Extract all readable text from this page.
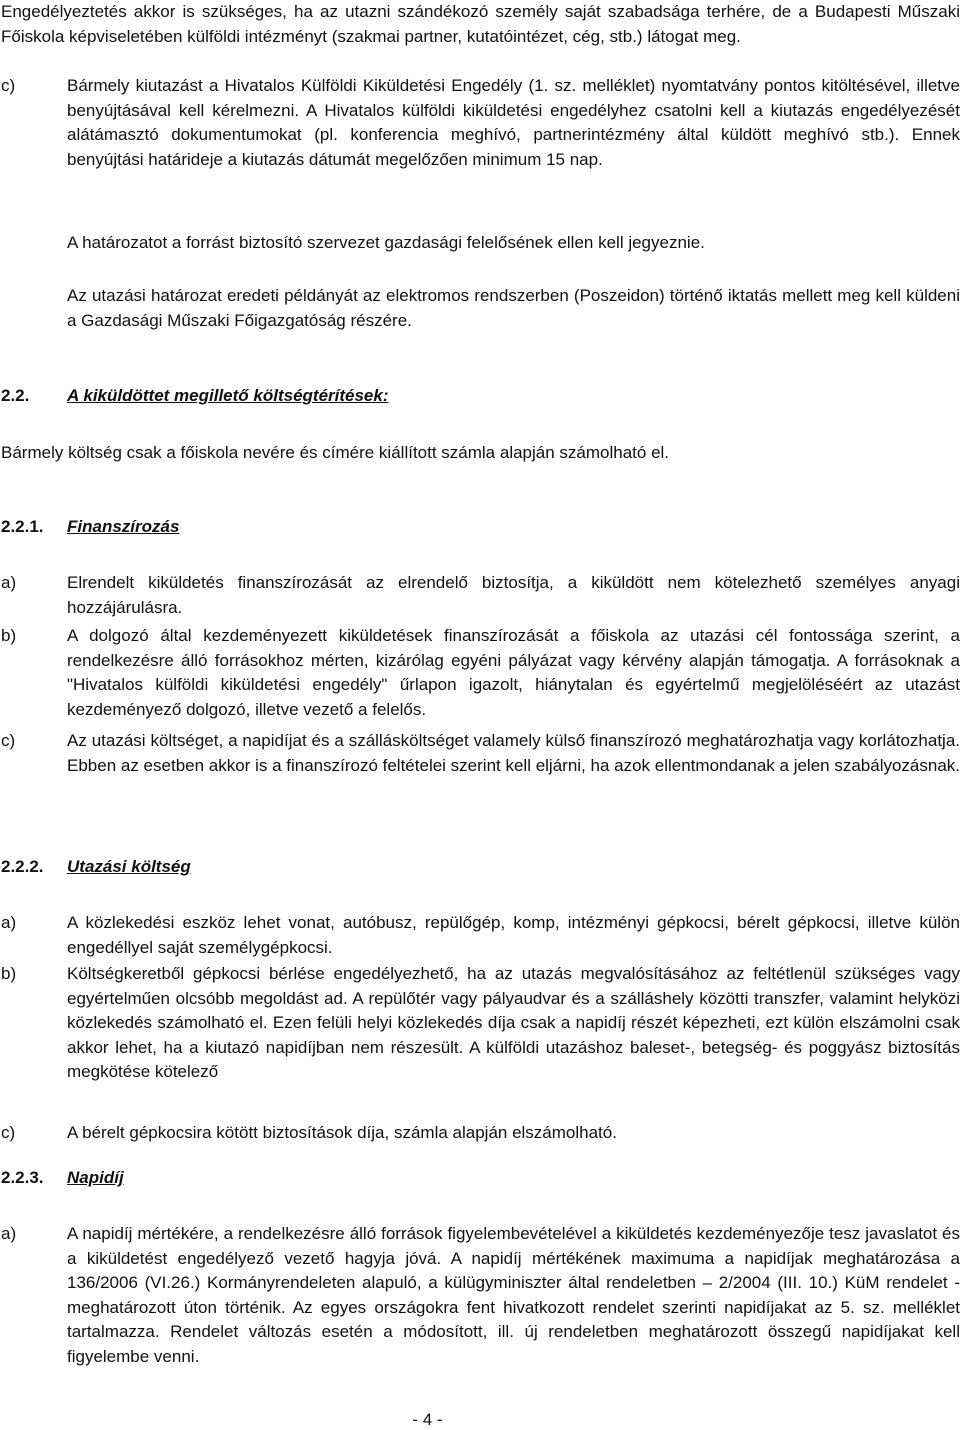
Engedélyeztetés akkor is szükséges, ha az utazni szándékozó személy saját szabadsága terhére, de a Budapesti Műszaki Főiskola képviseletében külföldi intézményt (szakmai partner, kutatóintézet, cég, stb.) látogat meg.

c)	Bármely kiutazást a Hivatalos Külföldi Kiküldetési Engedély (1. sz. melléklet) nyomtatvány pontos kitöltésével, illetve benyújtásával kell kérelmezni. A Hivatalos külföldi kiküldetési engedélyhez csatolni kell a kiutazás engedélyezését alátámasztó dokumentumokat (pl. konferencia meghívó, partnerintézmény által küldött meghívó stb.). Ennek benyújtási határideje a kiutazás dátumát megelőzően minimum 15 nap.

A határozatot a forrást biztosító szervezet gazdasági felelősének ellen kell jegyeznie.

Az utazási határozat eredeti példányát az elektromos rendszerben (Poszeidon) történő iktatás mellett meg kell küldeni a Gazdasági Műszaki Főigazgatóság részére.

2.2. A kiküldöttet megillető költségtérítések:

Bármely költség csak a főiskola nevére és címére kiállított számla alapján számolható el.

2.2.1. Finanszírozás
a)	Elrendelt kiküldetés finanszírozását az elrendelő biztosítja, a kiküldött nem kötelezhető személyes anyagi hozzájárulásra.
b)	A dolgozó által kezdeményezett kiküldetések finanszírozását a főiskola az utazási cél fontossága szerint, a rendelkezésre álló forrásokhoz mérten, kizárólag egyéni pályázat vagy kérvény alapján támogatja. A forrásoknak a "Hivatalos külföldi kiküldetési engedély" űrlapon igazolt, hiánytalan és egyértelmű megjelöléséért az utazást kezdeményező dolgozó, illetve vezető a felelős.
c)	Az utazási költséget, a napidíjat és a szállásköltséget valamely külső finanszírozó meghatározhatja vagy korlátozhatja. Ebben az esetben akkor is a finanszírozó feltételei szerint kell eljárni, ha azok ellentmondanak a jelen szabályozásnak.
2.2.2. Utazási költség
a)	A közlekedési eszköz lehet vonat, autóbusz, repülőgép, komp, intézményi gépkocsi, bérelt gépkocsi, illetve külön engedéllyel saját személygépkocsi.
b)	Költségkeretből gépkocsi bérlése engedélyezhető, ha az utazás megvalósításához az feltétlenül szükséges vagy egyértelműen olcsóbb megoldást ad. A repülőtér vagy pályaudvar és a szálláshely közötti transzfer, valamint helyközi közlekedés számolható el. Ezen felüli helyi közlekedés díja csak a napidíj részét képezheti, ezt külön elszámolni csak akkor lehet, ha a kiutazó napidíjban nem részesült. A külföldi utazáshoz baleset-, betegség- és poggyász biztosítás megkötése kötelező
c)	A bérelt gépkocsira kötött biztosítások díja, számla alapján elszámolható.
2.2.3. Napidíj
a)	A napidíj mértékére, a rendelkezésre álló források figyelembevételével a kiküldetés kezdeményezője tesz javaslatot és a kiküldetést engedélyező vezető hagyja jóvá. A napidíj mértékének maximuma a napidíjak meghatározása a 136/2006 (VI.26.) Kormányrendeleten alapuló, a külügyminiszter által rendeletben – 2/2004 (III. 10.) KüM rendelet - meghatározott úton történik. Az egyes országokra fent hivatkozott rendelet szerinti napidíjakat az 5. sz. melléklet tartalmazza. Rendelet változás esetén a módosított, ill. új rendeletben meghatározott összegű napidíjakat kell figyelembe venni.
- 4 -
